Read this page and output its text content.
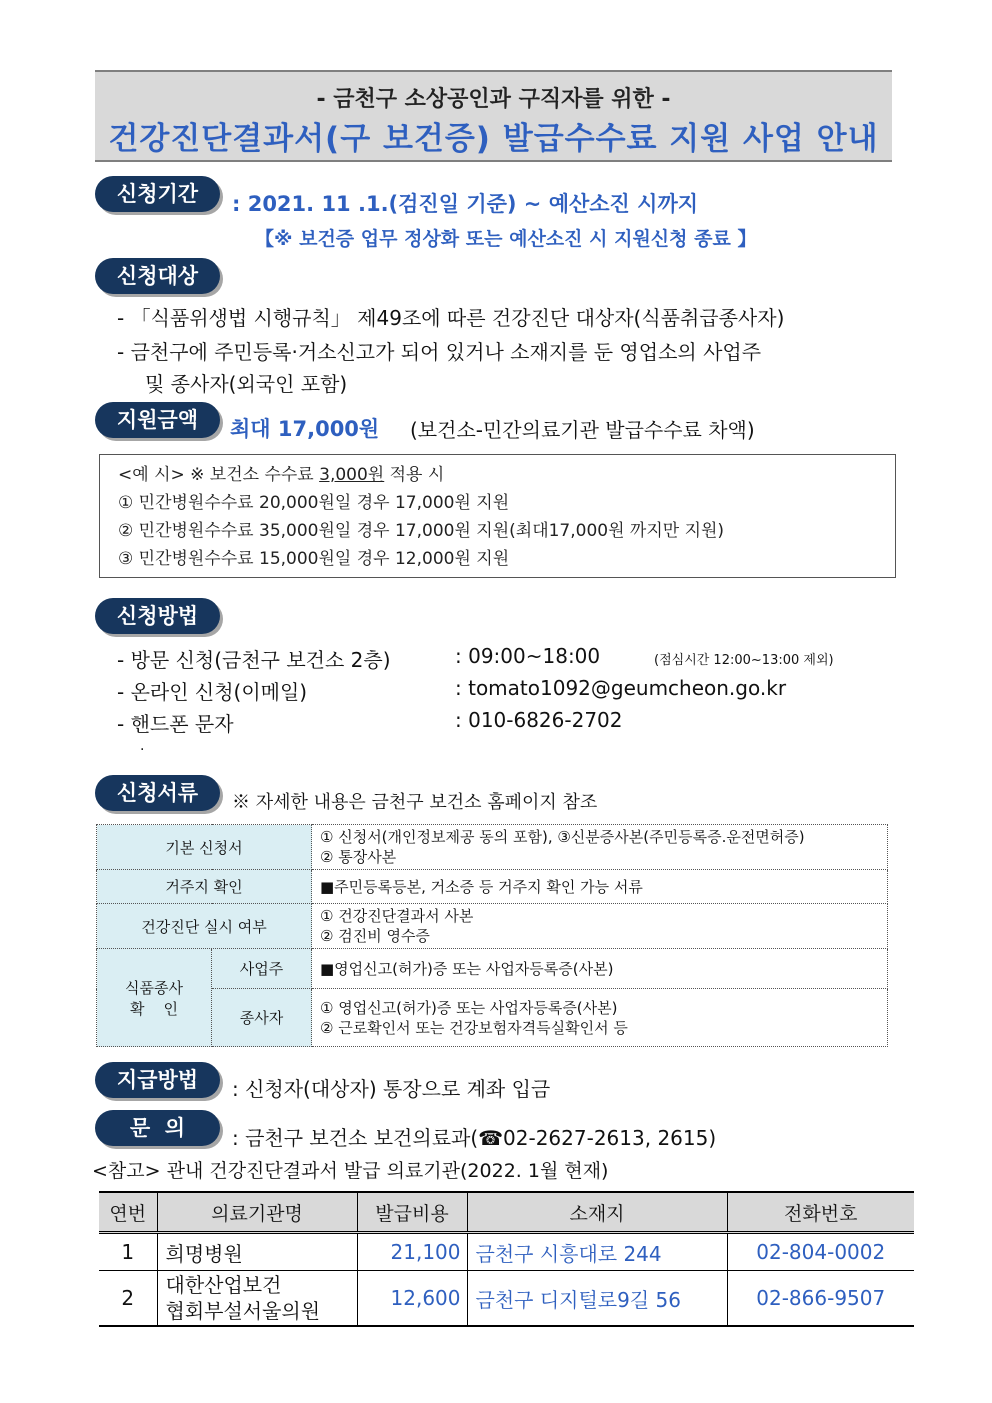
- 금천구 소상공인과 구직자를 위한 -
건강진단결과서(구 보건증) 발급수수료 지원 사업 안내
신청기간	: 2021. 11 .1.(검진일 기준) ~ 예산소진 시까지
【※ 보건증 업무 정상화 또는 예산소진 시 지원신청 종료 】
신청대상
- 「식품위생법 시행규칙」 제49조에 따른 건강진단 대상자(식품취급종사자)
- 금천구에 주민등록·거소신고가 되어 있거나 소재지를 둔 영업소의 사업주
및 종사자(외국인 포함)
지원금액	최대 17,000원 (보건소-민간의료기관 발급수수료 차액)
<예 시> ※ 보건소 수수료 3,000원 적용 시
① 민간병원수수료 20,000원일 경우 17,000원 지원
② 민간병원수수료 35,000원일 경우 17,000원 지원(최대17,000원 까지만 지원)
③ 민간병원수수료 15,000원일 경우 12,000원 지원
신청방법
- 방문 신청(금천구 보건소 2층)	: 09:00~18:00	(점심시간 12:00~13:00 제외)
- 온라인 신청(이메일)	: tomato1092@geumcheon.go.kr
- 핸드폰 문자	: 010-6826-2702
.
신청서류	※ 자세한 내용은 금천구 보건소 홈페이지 참조
기본 신청서		① 신청서(개인정보제공 동의 포함), ③신분증사본(주민등록증.운전면허증)
② 통장사본

거주지 확인		■주민등록등본, 거소증 등 거주지 확인 가능 서류
건강진단 실시 여부		① 건강진단결과서 사본
② 검진비 영수증

식품종사
확    인	사업주	■영업신고(허가)증 또는 사업자등록증(사본)
	종사자	① 영업신고(허가)증 또는 사업자등록증(사본)
② 근로확인서 또는 건강보험자격득실확인서 등
지급방법	: 신청자(대상자) 통장으로 계좌 입금
문  의	: 금천구 보건소 보건의료과(☎02-2627-2613, 2615)
<참고> 관내 건강진단결과서 발급 의료기관(2022. 1월 현재)
연번	의료기관명	발급비용	소재지	전화번호
1	희명병원	21,100	금천구 시흥대로 244	02-804-0002
2	대한산업보건
협회부설서울의원	12,600	금천구 디지털로9길 56	02-866-9507
